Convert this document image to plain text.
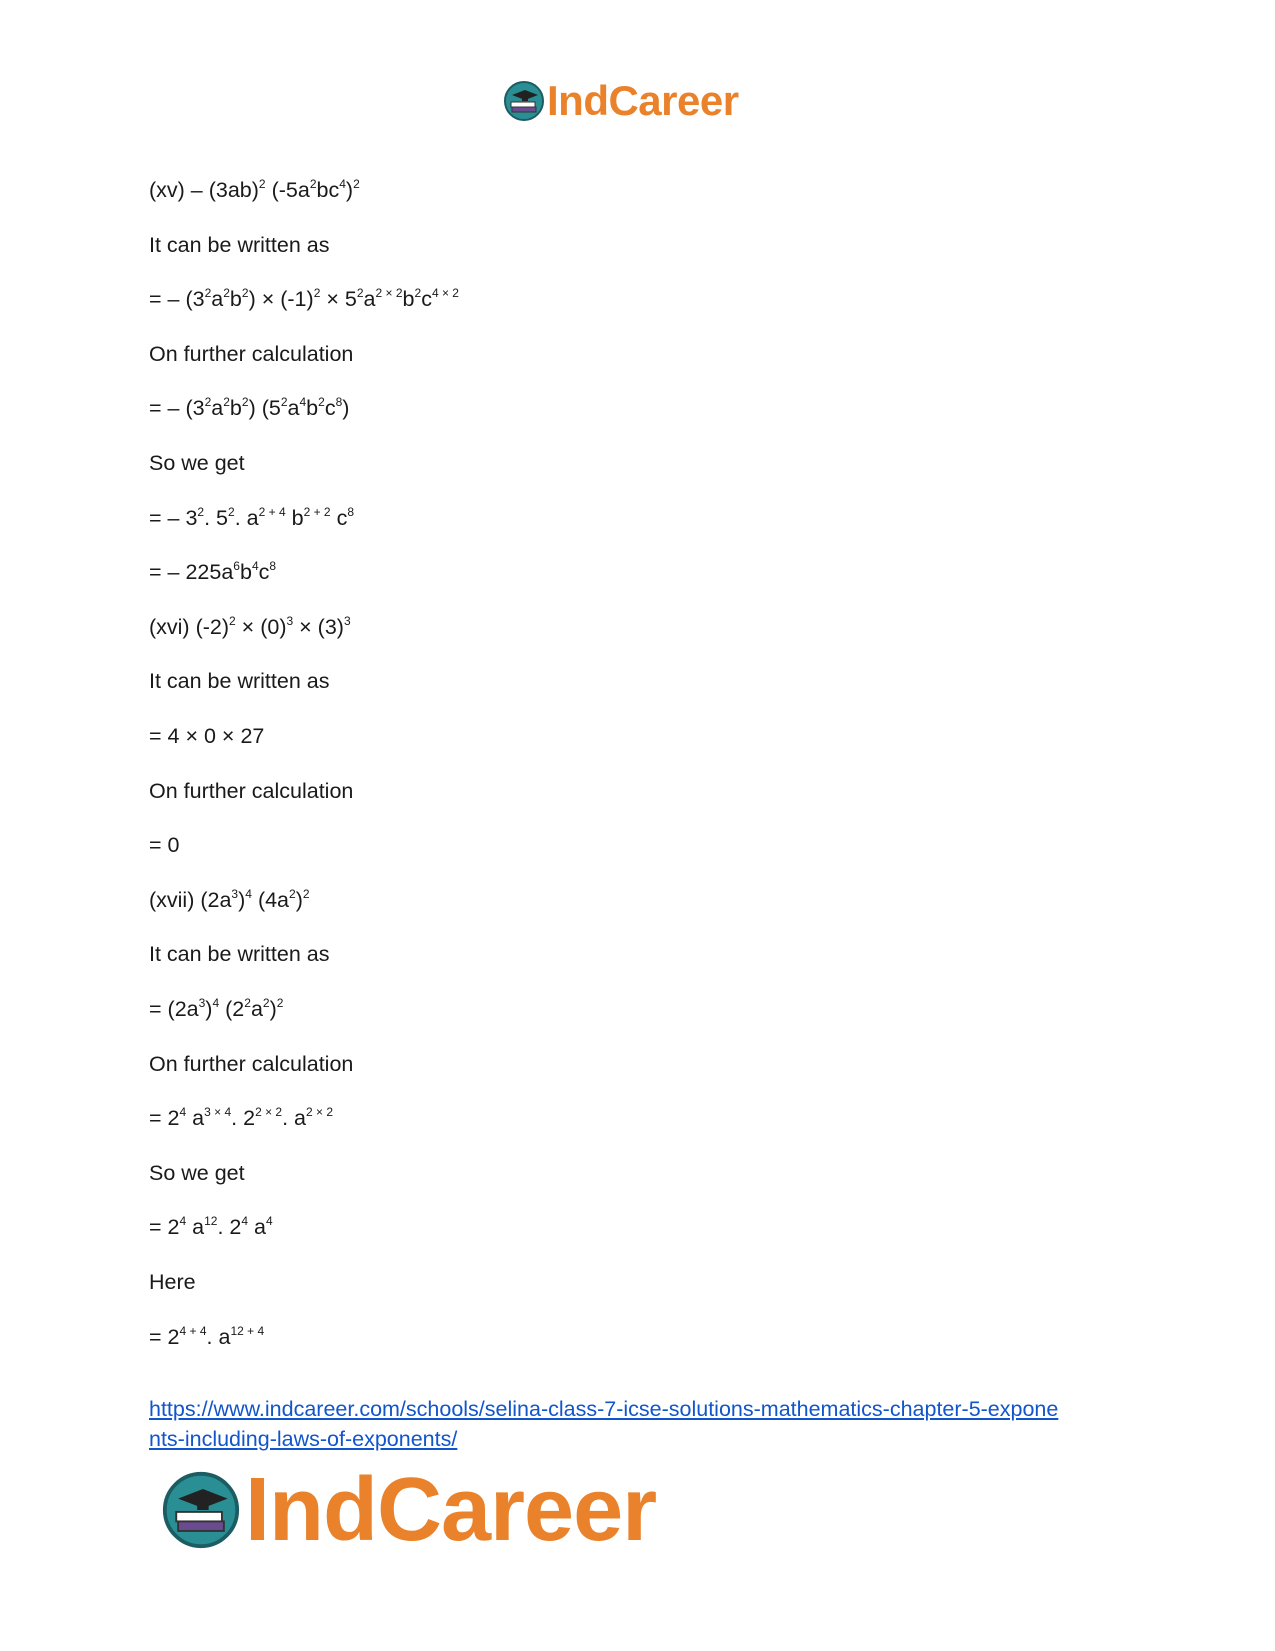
IndCareer
$(xv) - (3ab)^2$ $(-5a^2bc^4)^2$
It can be written as
= – $(3^2a^2b^2) \times (-1)^2 \times 5^2a^{2 \times 2}b^2c^{4 \times 2}$
On further calculation
= – $(3^2a^2b^2)$ $(5^2a^4b^2c^8)$
So we get
= – $3^2$. $5^2$. $a^{2 + 4}$ $b^{2 + 2}$ $c^8$
= – $225a^6b^4c^8$
(xvi) $(-2)^2 \times (0)^3 \times (3)^3$
It can be written as
= 4 × 0 × 27
On further calculation
= 0
(xvii) $(2a^3)^4$ $(4a^2)^2$
It can be written as
= $(2a^3)^4$ $(2^2a^2)^2$
On further calculation
= $2^4$ $a^{3 \times 4}$. $2^{2 \times 2}$. $a^{2 \times 2}$
So we get
= $2^4$ $a^{12}$. $2^4$ $a^4$
Here
= $2^{4 + 4}$. $a^{12 + 4}$
https://www.indcareer.com/schools/selina-class-7-icse-solutions-mathematics-chapter-5-expone
nts-including-laws-of-exponents/
IndCareer
